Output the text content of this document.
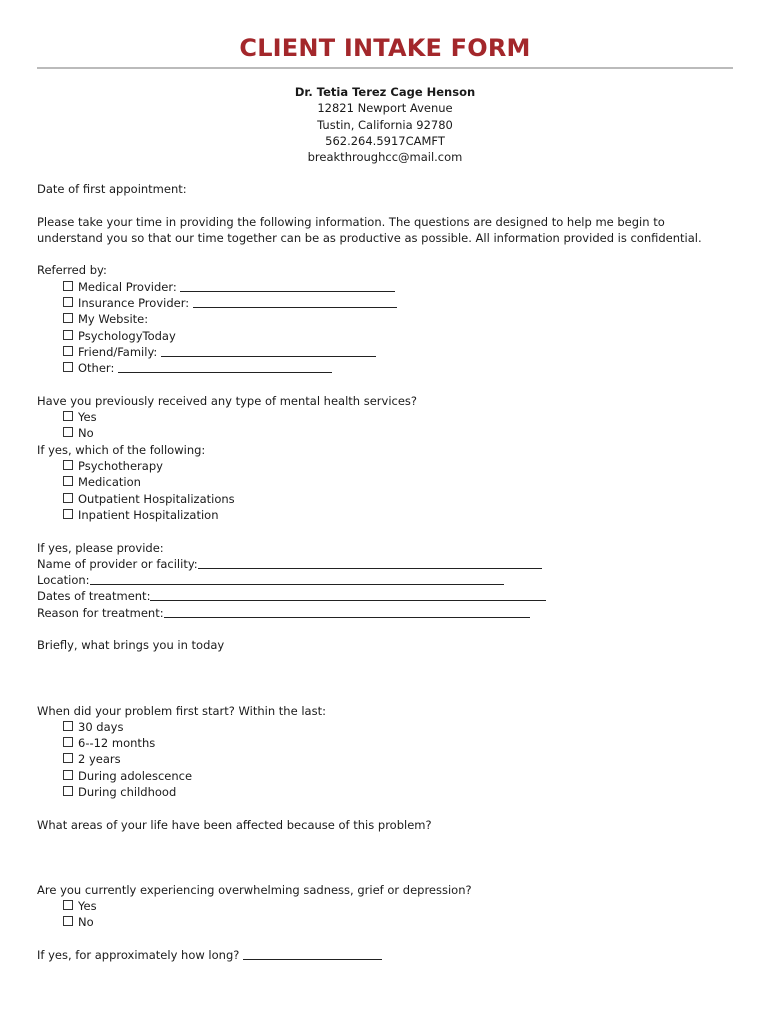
CLIENT INTAKE FORM
Dr. Tetia Terez Cage Henson
12821 Newport Avenue
Tustin, California 92780
562.264.5917CAMFT
breakthroughcc@mail.com
Date of first appointment:
Please take your time in providing the following information. The questions are designed to help me begin to
understand you so that our time together can be as productive as possible. All information provided is confidential.
Referred by:
Medical Provider:
Insurance Provider:
My Website:
PsychologyToday
Friend/Family:
Other:
Have you previously received any type of mental health services?
Yes
No
If yes, which of the following:
Psychotherapy
Medication
Outpatient Hospitalizations
Inpatient Hospitalization
If yes, please provide:
Name of provider or facility:
Location:
Dates of treatment:
Reason for treatment:
Briefly, what brings you in today
When did your problem first start? Within the last:
30 days
6--12 months
2 years
During adolescence
During childhood
What areas of your life have been affected because of this problem?
Are you currently experiencing overwhelming sadness, grief or depression?
Yes
No
If yes, for approximately how long?
